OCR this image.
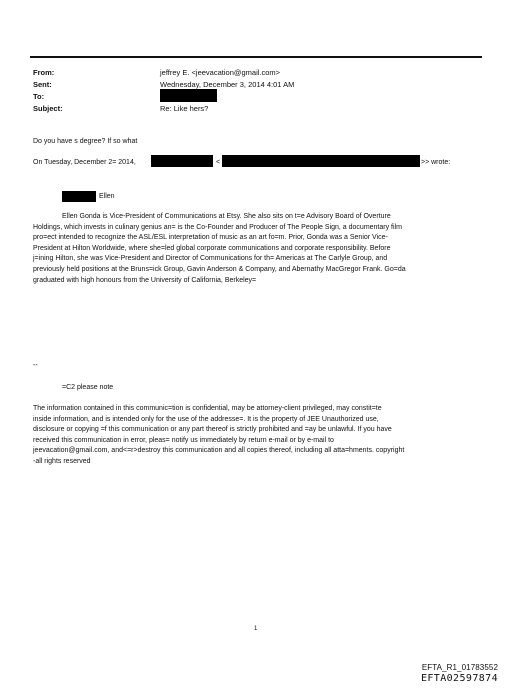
From:	jeffrey E. <jeevacation@gmail.com>
Sent:	Wednesday, December 3, 2014 4:01 AM
To:
Subject:	Re: Like hers?
Do you have s degree? If so what
On Tuesday, December 2= 2014,	<	>> wrote:
Ellen
Ellen Gonda is Vice-President of Communications at Etsy. She also sits on t=e Advisory Board of Overture
Holdings, which invests in culinary genius an= is the Co-Founder and Producer of The People Sign, a documentary film
pro=ect intended to recognize the ASL/ESL interpretation of music as an art fo=m. Prior, Gonda was a Senior Vice-
President at Hilton Worldwide, where she=led global corporate communications and corporate responsibility. Before
j=ining Hilton, she was Vice-President and Director of Communications for th= Americas at The Carlyle Group, and
previously held positions at the Bruns=ick Group, Gavin Anderson & Company, and Abernathy MacGregor Frank. Go=da
graduated with high honours from the University of California, Berkeley=
--
=C2 please note
The information contained in this communic=tion is confidential, may be attorney-client privileged, may constit=te
inside information, and is intended only for the use of the addresse=. It is the property of JEE Unauthorized use,
disclosure or copying =f this communication or any part thereof is strictly prohibited and =ay be unlawful. If you have
received this communication in error, pleas= notify us immediately by return e-mail or by e-mail to
jeevacation@gmail.com, and<=r>destroy this communication and all copies thereof, including all atta=hments. copyright
-all rights reserved
1
EFTA_R1_01783552
EFTA02597874
